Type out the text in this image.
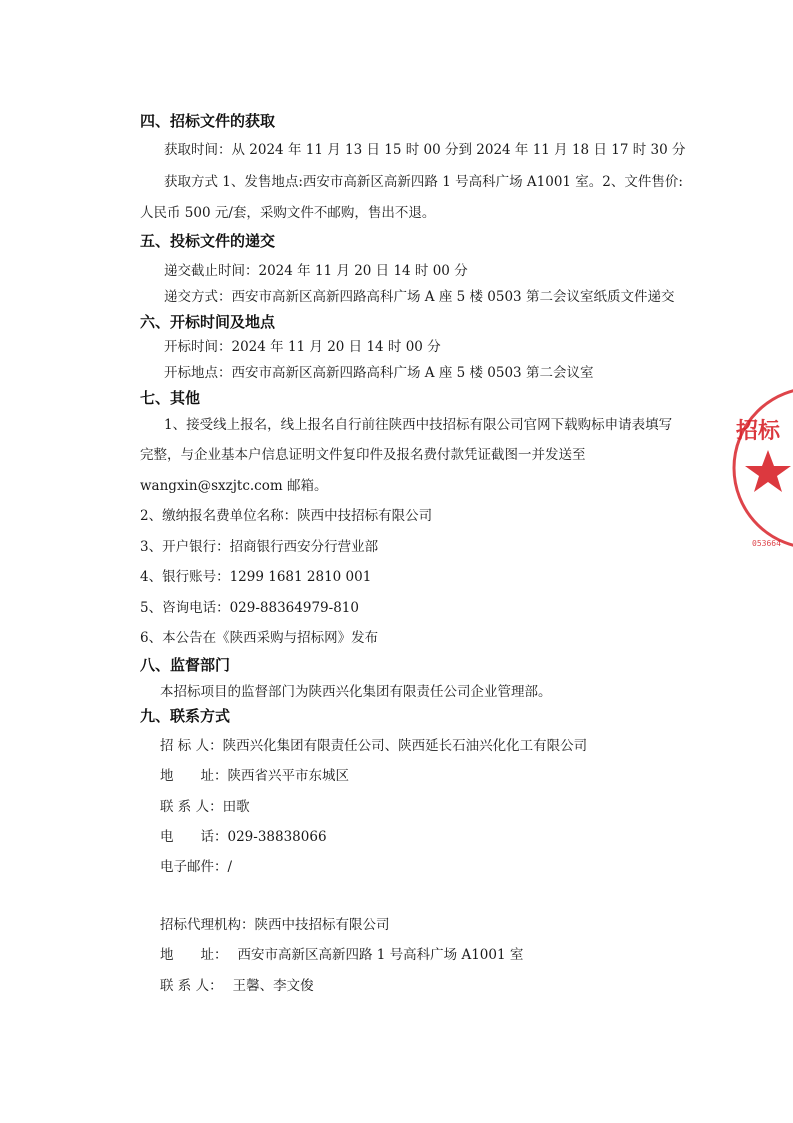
四、招标文件的获取
获取时间：从 2024 年 11 月 13 日 15 时 00 分到 2024 年 11 月 18 日 17 时 30 分
获取方式 1、发售地点:西安市高新区高新四路 1 号高科广场 A1001 室。2、文件售价:
人民币 500 元/套，采购文件不邮购，售出不退。
五、投标文件的递交
递交截止时间：2024 年 11 月 20 日 14 时 00 分
递交方式：西安市高新区高新四路高科广场 A 座 5 楼 0503 第二会议室纸质文件递交
六、开标时间及地点
开标时间：2024 年 11 月 20 日 14 时 00 分
开标地点：西安市高新区高新四路高科广场 A 座 5 楼 0503 第二会议室
七、其他
1、接受线上报名，线上报名自行前往陕西中技招标有限公司官网下载购标申请表填写
完整，与企业基本户信息证明文件复印件及报名费付款凭证截图一并发送至
wangxin@sxzjtc.com 邮箱。
2、缴纳报名费单位名称：陕西中技招标有限公司
3、开户银行：招商银行西安分行营业部
4、银行账号：1299 1681 2810 001
5、咨询电话：029-88364979-810
6、本公告在《陕西采购与招标网》发布
八、监督部门
本招标项目的监督部门为陕西兴化集团有限责任公司企业管理部。
九、联系方式
招 标 人：陕西兴化集团有限责任公司、陕西延长石油兴化化工有限公司
地　　址：陕西省兴平市东城区
联 系 人：田歌
电　　话：029-38838066
电子邮件：/
招标代理机构：陕西中技招标有限公司
地　　址： 西安市高新区高新四路 1 号高科广场 A1001 室
联 系 人： 王馨、李文俊
招标
053664
